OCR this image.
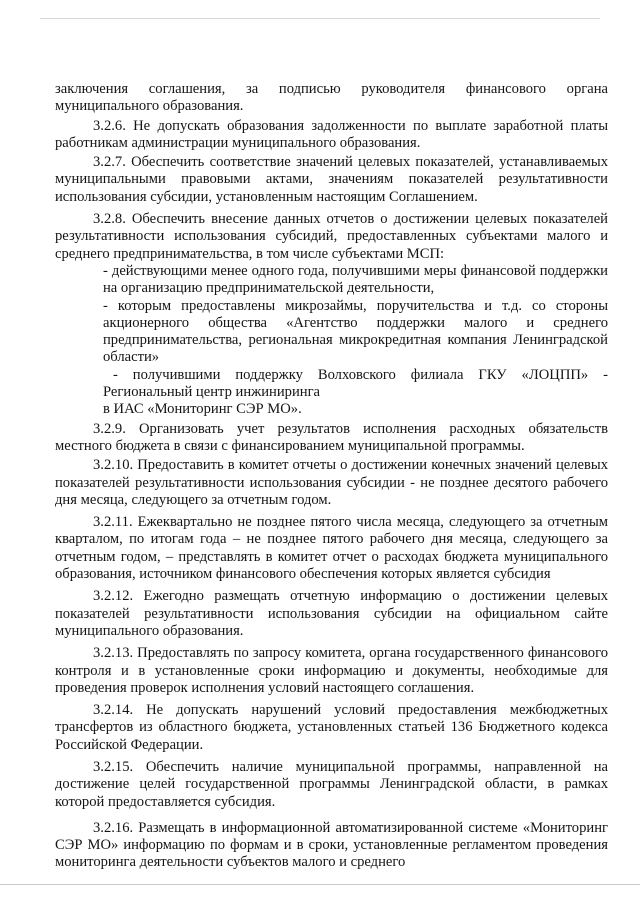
заключения соглашения, за подписью руководителя финансового органа муниципального образования.
3.2.6. Не допускать образования задолженности по выплате заработной платы работникам администрации муниципального образования.
3.2.7. Обеспечить соответствие значений целевых показателей, устанавливаемых муниципальными правовыми актами, значениям показателей результативности использования субсидии, установленным настоящим Соглашением.
3.2.8. Обеспечить внесение данных отчетов о достижении целевых показателей результативности использования субсидий, предоставленных субъектами малого и среднего предпринимательства, в том числе субъектами МСП:
- действующими менее одного года, получившими меры финансовой поддержки на организацию предпринимательской деятельности,
- которым предоставлены микрозаймы, поручительства и т.д. со стороны акционерного общества «Агентство поддержки малого и среднего предпринимательства, региональная микрокредитная компания Ленинградской области»
- получившими поддержку Волховского филиала ГКУ «ЛОЦПП» - Региональный центр инжиниринга
в ИАС «Мониторинг СЭР МО».
3.2.9. Организовать учет результатов исполнения расходных обязательств местного бюджета в связи с финансированием муниципальной программы.
3.2.10. Предоставить в комитет отчеты о достижении конечных значений целевых показателей результативности использования субсидии - не позднее десятого рабочего дня месяца, следующего за отчетным годом.
3.2.11. Ежеквартально не позднее пятого числа месяца, следующего за отчетным кварталом, по итогам года – не позднее пятого рабочего дня месяца, следующего за отчетным годом, – представлять в комитет отчет о расходах бюджета муниципального образования, источником финансового обеспечения которых является субсидия
3.2.12. Ежегодно размещать отчетную информацию о достижении целевых показателей результативности использования субсидии на официальном сайте муниципального образования.
3.2.13. Предоставлять по запросу комитета, органа государственного финансового контроля и в установленные сроки информацию и документы, необходимые для проведения проверок исполнения условий настоящего соглашения.
3.2.14. Не допускать нарушений условий предоставления межбюджетных трансфертов из областного бюджета, установленных статьей 136 Бюджетного кодекса Российской Федерации.
3.2.15. Обеспечить наличие муниципальной программы, направленной на достижение целей государственной программы Ленинградской области, в рамках которой предоставляется субсидия.
3.2.16. Размещать в информационной автоматизированной системе «Мониторинг СЭР МО» информацию по формам и в сроки, установленные регламентом проведения мониторинга деятельности субъектов малого и среднего
